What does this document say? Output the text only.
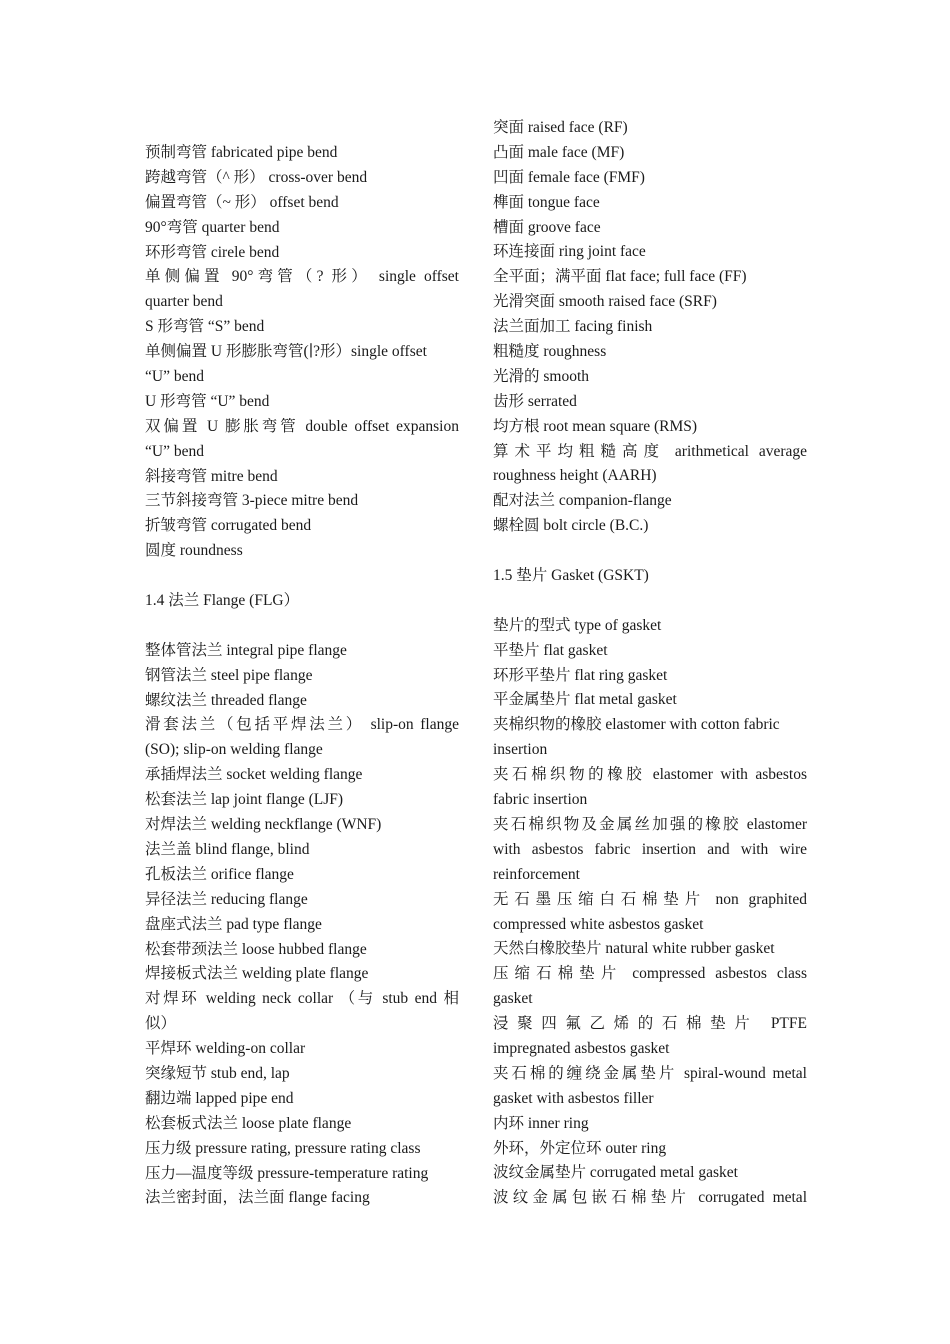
预制弯管 fabricated pipe bend
跨越弯管（^ 形） cross-over bend
偏置弯管（~ 形） offset bend
90°弯管 quarter bend
环形弯管 cirele bend
单侧偏置 90°弯管（? 形） single offset
quarter bend
S 形弯管 “S” bend
单侧偏置 U 形膨胀弯管(∣?形）single offset
“U” bend
U 形弯管 “U” bend
双偏置 U 膨胀弯管 double offset expansion
“U” bend
斜接弯管 mitre bend
三节斜接弯管 3-piece mitre bend
折皱弯管 corrugated bend
圆度 roundness
1.4 法兰 Flange (FLG）
整体管法兰 integral pipe flange
钢管法兰 steel pipe flange
螺纹法兰 threaded flange
滑套法兰（包括平焊法兰） slip-on flange
(SO); slip-on welding flange
承插焊法兰 socket welding flange
松套法兰 lap joint flange (LJF)
对焊法兰 welding neckflange (WNF)
法兰盖 blind flange, blind
孔板法兰 orifice flange
异径法兰 reducing flange
盘座式法兰 pad type flange
松套带颈法兰 loose hubbed flange
焊接板式法兰 welding plate flange
对焊环 welding neck collar （与 stub end 相
似）
平焊环 welding-on collar
突缘短节 stub end, lap
翻边端 lapped pipe end
松套板式法兰 loose plate flange
压力级 pressure rating, pressure rating class
压力—温度等级 pressure-temperature rating
法兰密封面，法兰面 flange facing
突面 raised face (RF)
凸面 male face (MF)
凹面 female face (FMF)
榫面 tongue face
槽面 groove face
环连接面 ring joint face
全平面；满平面 flat face; full face (FF)
光滑突面 smooth raised face (SRF)
法兰面加工 facing finish
粗糙度 roughness
光滑的 smooth
齿形 serrated
均方根 root mean square (RMS)
算术平均粗糙高度 arithmetical average
roughness height (AARH)
配对法兰 companion-flange
螺栓圆 bolt circle (B.C.)
1.5 垫片 Gasket (GSKT)
垫片的型式 type of gasket
平垫片 flat gasket
环形平垫片 flat ring gasket
平金属垫片 flat metal gasket
夹棉织物的橡胶 elastomer with cotton fabric
insertion
夹石棉织物的橡胶 elastomer with asbestos
fabric insertion
夹石棉织物及金属丝加强的橡胶 elastomer
with asbestos fabric insertion and with wire
reinforcement
无石墨压缩白石棉垫片 non graphited
compressed white asbestos gasket
天然白橡胶垫片 natural white rubber gasket
压缩石棉垫片 compressed asbestos class
gasket
浸聚四氟乙烯的石棉垫片 PTFE
impregnated asbestos gasket
夹石棉的缠绕金属垫片 spiral-wound metal
gasket with asbestos filler
内环 inner ring
外环，外定位环 outer ring
波纹金属垫片 corrugated metal gasket
波纹金属包嵌石棉垫片 corrugated metal
